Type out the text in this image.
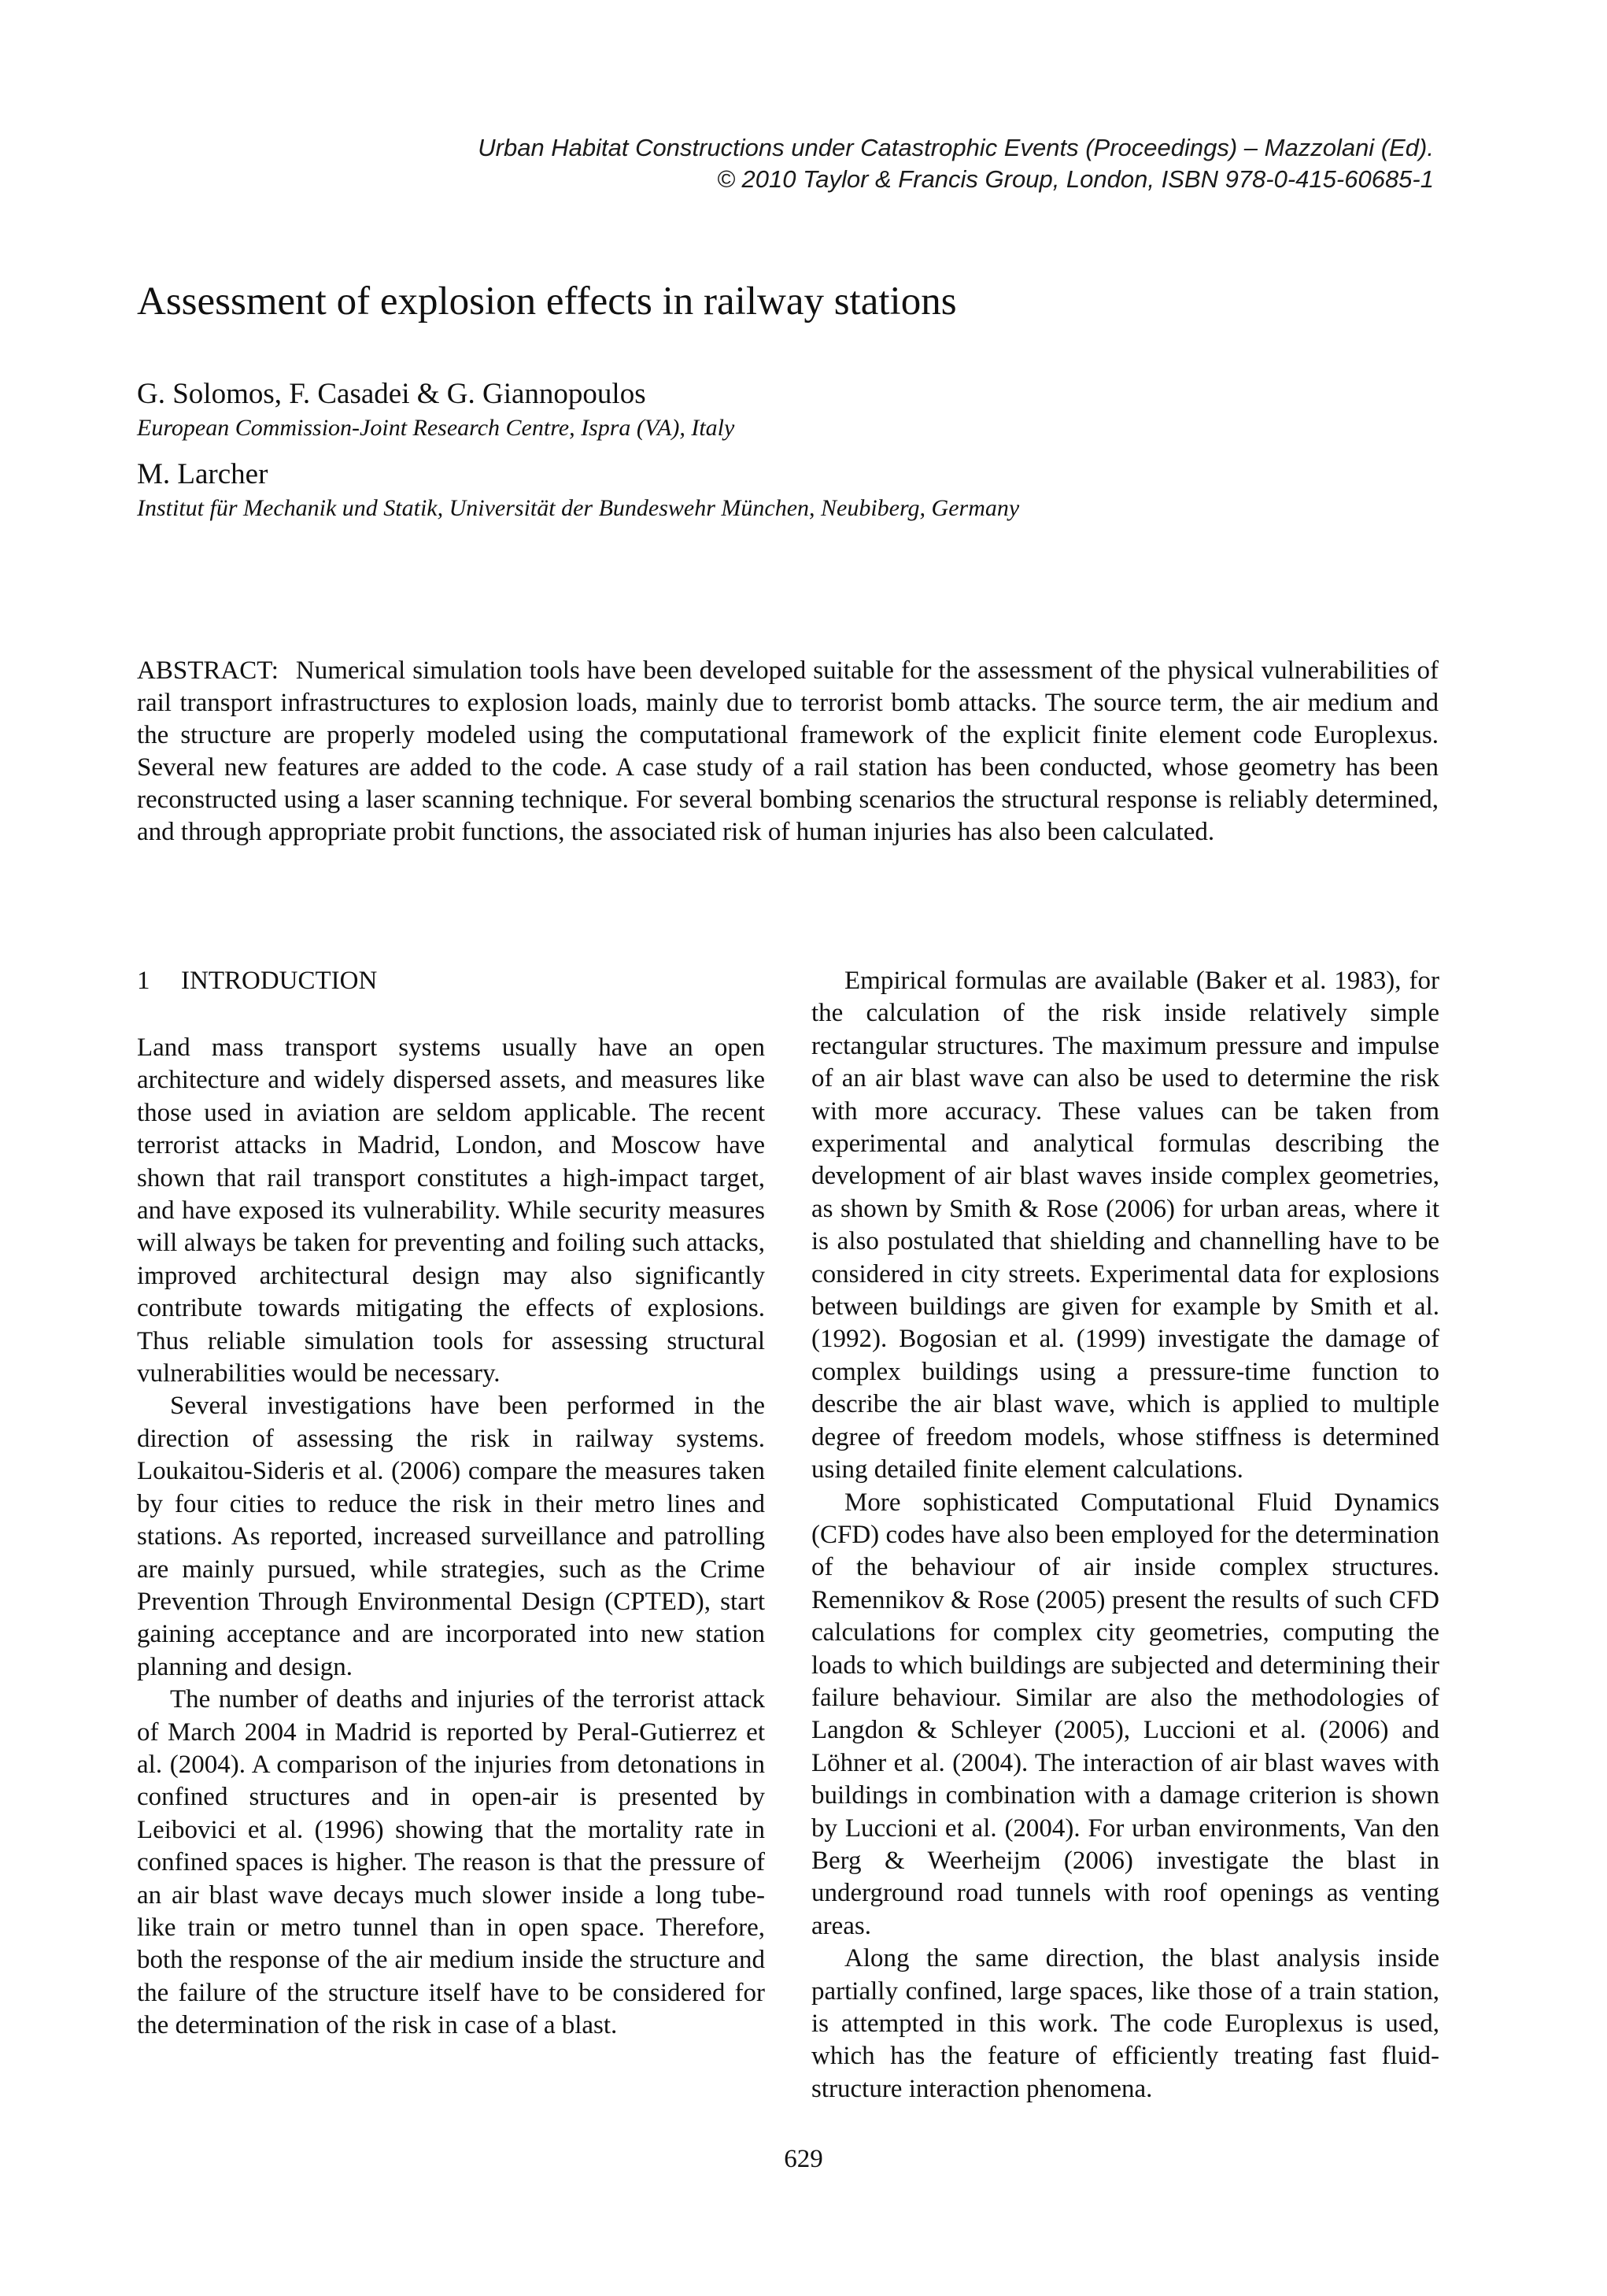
Urban Habitat Constructions under Catastrophic Events (Proceedings) – Mazzolani (Ed).
© 2010 Taylor & Francis Group, London, ISBN 978-0-415-60685-1
Assessment of explosion effects in railway stations
G. Solomos, F. Casadei & G. Giannopoulos
European Commission-Joint Research Centre, Ispra (VA), Italy
M. Larcher
Institut für Mechanik und Statik, Universität der Bundeswehr München, Neubiberg, Germany

ABSTRACT: Numerical simulation tools have been developed suitable for the assessment of the physical vulnerabilities of rail transport infrastructures to explosion loads, mainly due to terrorist bomb attacks. The source term, the air medium and the structure are properly modeled using the computational framework of the explicit finite element code Europlexus. Several new features are added to the code. A case study of a rail station has been conducted, whose geometry has been reconstructed using a laser scanning technique. For several bombing scenarios the structural response is reliably determined, and through appropriate probit functions, the associated risk of human injuries has also been calculated.

1 INTRODUCTION

Land mass transport systems usually have an open architecture and widely dispersed assets, and measures like those used in aviation are seldom applicable. The recent terrorist attacks in Madrid, London, and Moscow have shown that rail transport constitutes a high-impact target, and have exposed its vulnerability. While security measures will always be taken for preventing and foiling such attacks, improved architectural design may also significantly contribute towards mitigating the effects of explosions. Thus reliable simulation tools for assessing structural vulnerabilities would be necessary.

Several investigations have been performed in the direction of assessing the risk in railway systems. Loukaitou-Sideris et al. (2006) compare the measures taken by four cities to reduce the risk in their metro lines and stations. As reported, increased surveillance and patrolling are mainly pursued, while strategies, such as the Crime Prevention Through Environmental Design (CPTED), start gaining acceptance and are incorporated into new station planning and design.

The number of deaths and injuries of the terrorist attack of March 2004 in Madrid is reported by Peral-Gutierrez et al. (2004). A comparison of the injuries from detonations in confined structures and in open-air is presented by Leibovici et al. (1996) showing that the mortality rate in confined spaces is higher. The reason is that the pressure of an air blast wave decays much slower inside a long tube-like train or metro tunnel than in open space. Therefore, both the response of the air medium inside the structure and the failure of the structure itself have to be considered for the determination of the risk in case of a blast.

Empirical formulas are available (Baker et al. 1983), for the calculation of the risk inside relatively simple rectangular structures. The maximum pressure and impulse of an air blast wave can also be used to determine the risk with more accuracy. These values can be taken from experimental and analytical formulas describing the development of air blast waves inside complex geometries, as shown by Smith & Rose (2006) for urban areas, where it is also postulated that shielding and channelling have to be considered in city streets. Experimental data for explosions between buildings are given for example by Smith et al. (1992). Bogosian et al. (1999) investigate the damage of complex buildings using a pressure-time function to describe the air blast wave, which is applied to multiple degree of freedom models, whose stiffness is determined using detailed finite element calculations.

More sophisticated Computational Fluid Dynamics (CFD) codes have also been employed for the determination of the behaviour of air inside complex structures. Remennikov & Rose (2005) present the results of such CFD calculations for complex city geometries, computing the loads to which buildings are subjected and determining their failure behaviour. Similar are also the methodologies of Langdon & Schleyer (2005), Luccioni et al. (2006) and Löhner et al. (2004). The interaction of air blast waves with buildings in combination with a damage criterion is shown by Luccioni et al. (2004). For urban environments, Van den Berg & Weerheijm (2006) investigate the blast in underground road tunnels with roof openings as venting areas.

Along the same direction, the blast analysis inside partially confined, large spaces, like those of a train station, is attempted in this work. The code Europlexus is used, which has the feature of efficiently treating fast fluid-structure interaction phenomena.

629
